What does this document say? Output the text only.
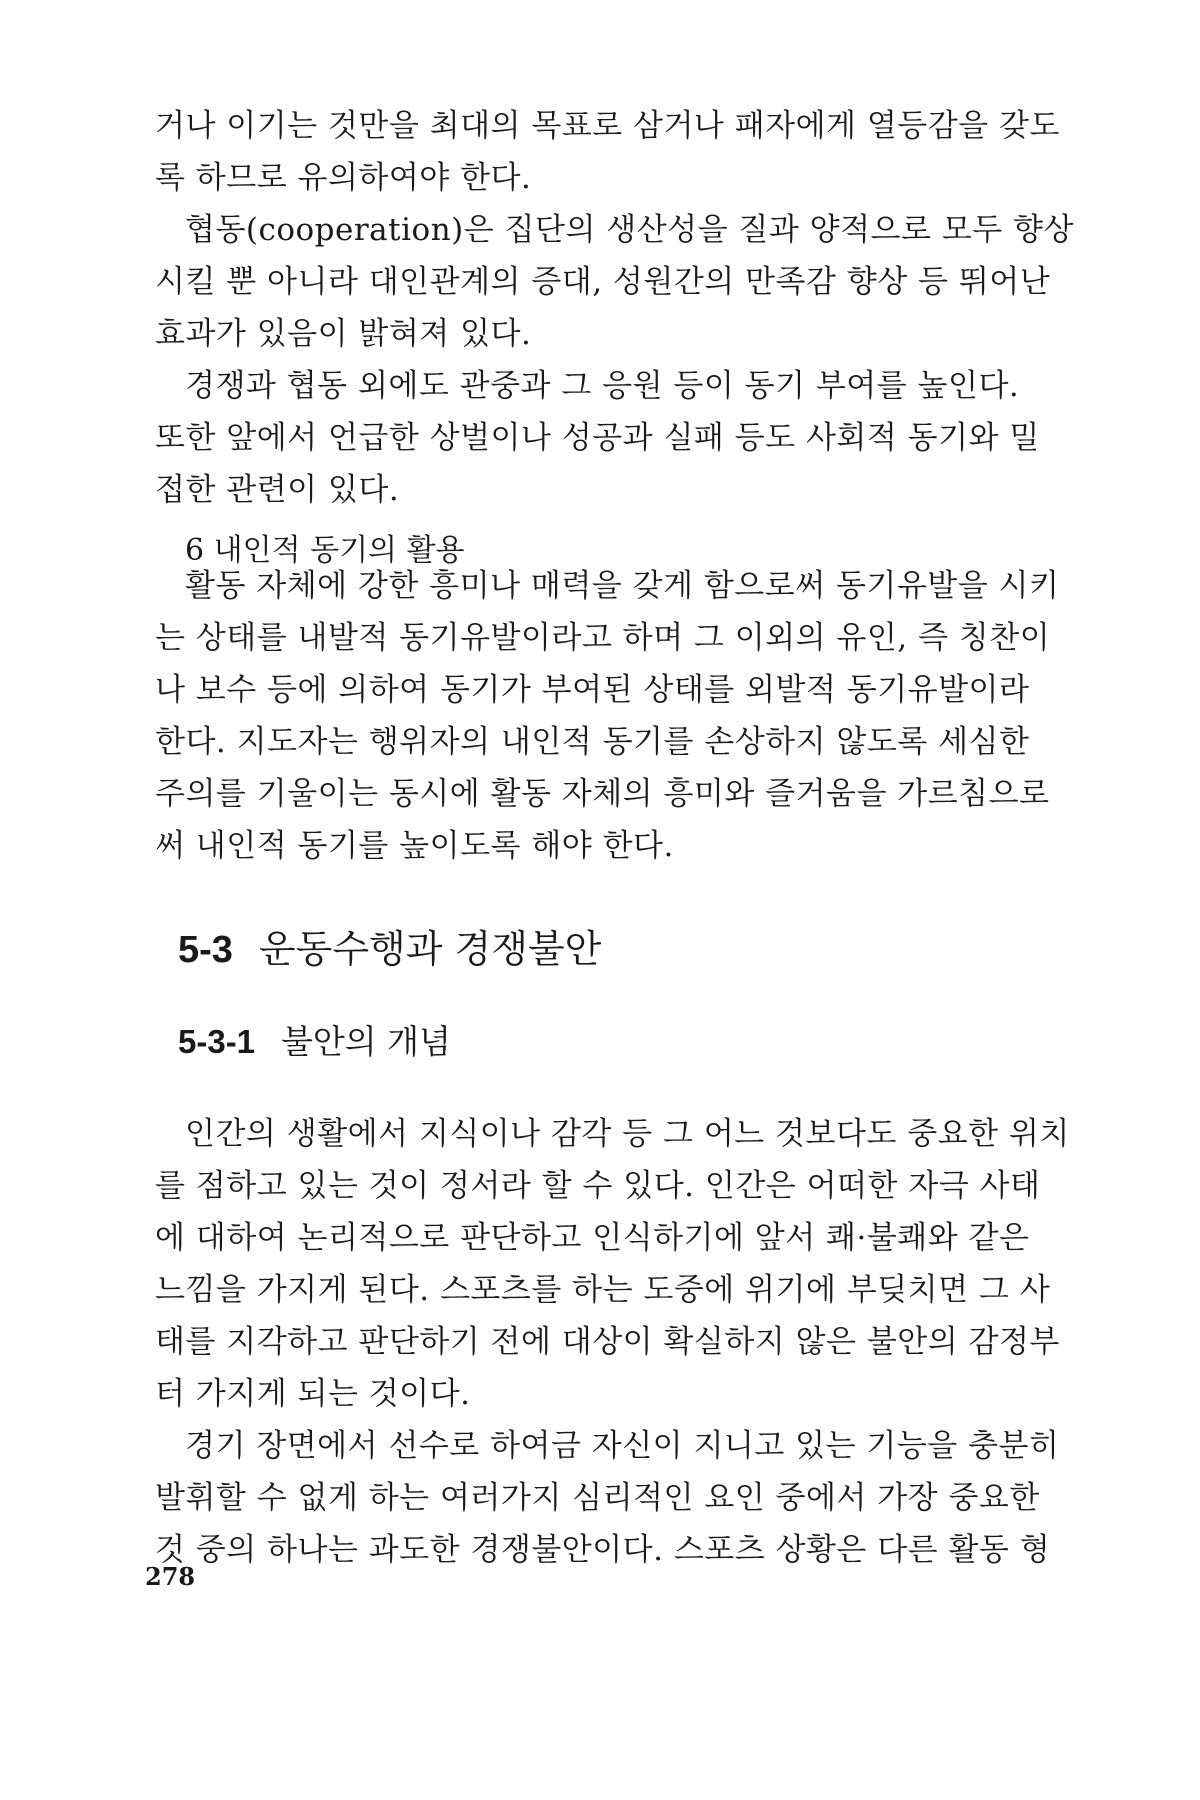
거나 이기는 것만을 최대의 목표로 삼거나 패자에게 열등감을 갖도
록 하므로 유의하여야 한다.
협동(cooperation)은 집단의 생산성을 질과 양적으로 모두 향상
시킬 뿐 아니라 대인관계의 증대, 성원간의 만족감 향상 등 뛰어난
효과가 있음이 밝혀져 있다.
경쟁과 협동 외에도 관중과 그 응원 등이 동기 부여를 높인다.
또한 앞에서 언급한 상벌이나 성공과 실패 등도 사회적 동기와 밀
접한 관련이 있다.
6 내인적 동기의 활용
활동 자체에 강한 흥미나 매력을 갖게 함으로써 동기유발을 시키
는 상태를 내발적 동기유발이라고 하며 그 이외의 유인, 즉 칭찬이
나 보수 등에 의하여 동기가 부여된 상태를 외발적 동기유발이라
한다. 지도자는 행위자의 내인적 동기를 손상하지 않도록 세심한
주의를 기울이는 동시에 활동 자체의 흥미와 즐거움을 가르침으로
써 내인적 동기를 높이도록 해야 한다.
5-3 운동수행과 경쟁불안
5-3-1 불안의 개념
인간의 생활에서 지식이나 감각 등 그 어느 것보다도 중요한 위치
를 점하고 있는 것이 정서라 할 수 있다. 인간은 어떠한 자극 사태
에 대하여 논리적으로 판단하고 인식하기에 앞서 쾌·불쾌와 같은
느낌을 가지게 된다. 스포츠를 하는 도중에 위기에 부딪치면 그 사
태를 지각하고 판단하기 전에 대상이 확실하지 않은 불안의 감정부
터 가지게 되는 것이다.
경기 장면에서 선수로 하여금 자신이 지니고 있는 기능을 충분히
발휘할 수 없게 하는 여러가지 심리적인 요인 중에서 가장 중요한
것 중의 하나는 과도한 경쟁불안이다. 스포츠 상황은 다른 활동 형
278
